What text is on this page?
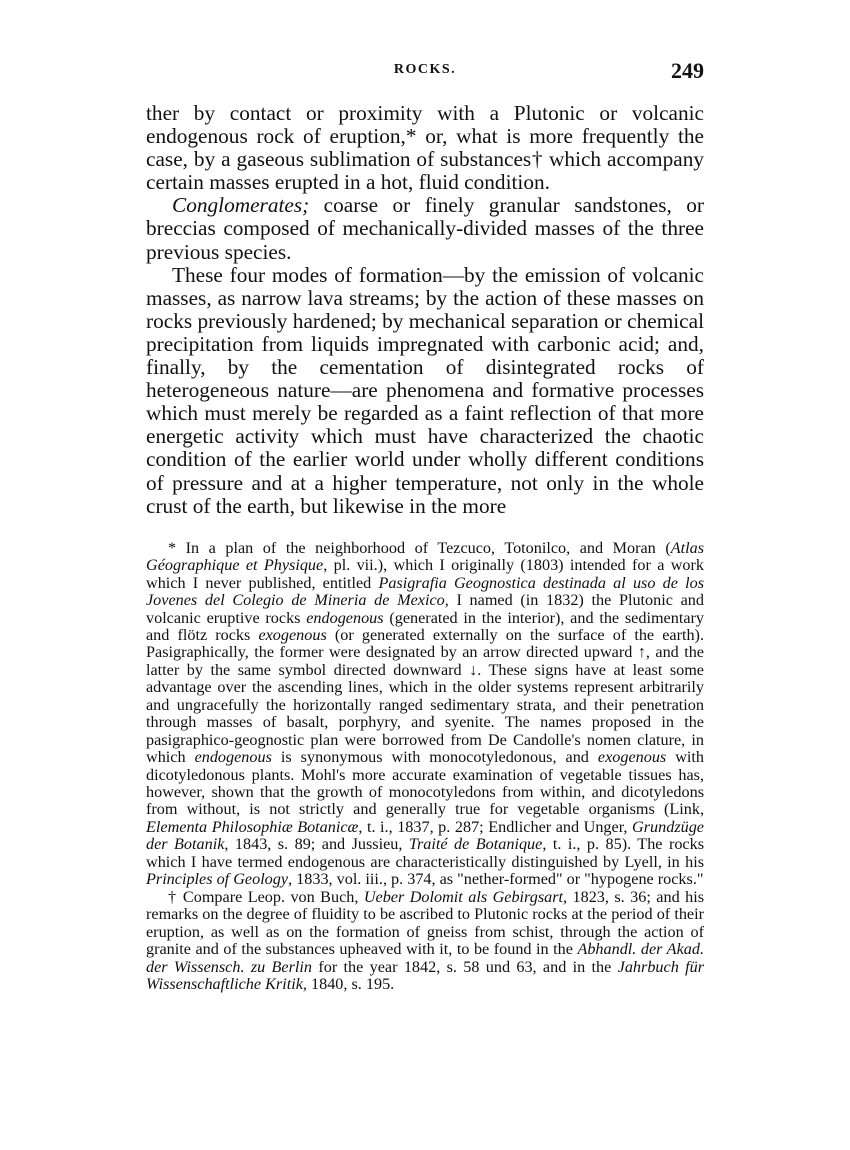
ROCKS.	249

ther by contact or proximity with a Plutonic or volcanic endogenous rock of eruption,* or, what is more frequently the case, by a gaseous sublimation of substances† which accompany certain masses erupted in a hot, fluid condition.

Conglomerates; coarse or finely granular sandstones, or breccias composed of mechanically-divided masses of the three previous species.

These four modes of formation—by the emission of volcanic masses, as narrow lava streams; by the action of these masses on rocks previously hardened; by mechanical separation or chemical precipitation from liquids impregnated with carbonic acid; and, finally, by the cementation of disintegrated rocks of heterogeneous nature—are phenomena and formative processes which must merely be regarded as a faint reflection of that more energetic activity which must have characterized the chaotic condition of the earlier world under wholly different conditions of pressure and at a higher temperature, not only in the whole crust of the earth, but likewise in the more

* In a plan of the neighborhood of Tezcuco, Totonilco, and Moran (Atlas Géographique et Physique, pl. vii.), which I originally (1803) intended for a work which I never published, entitled Pasigrafia Geognostica destinada al uso de los Jovenes del Colegio de Mineria de Mexico, I named (in 1832) the Plutonic and volcanic eruptive rocks endogenous (generated in the interior), and the sedimentary and flötz rocks exogenous (or generated externally on the surface of the earth). Pasigraphically, the former were designated by an arrow directed upward ↑, and the latter by the same symbol directed downward ↓. These signs have at least some advantage over the ascending lines, which in the older systems represent arbitrarily and ungracefully the horizontally ranged sedimentary strata, and their penetration through masses of basalt, porphyry, and syenite. The names proposed in the pasigraphico-geognostic plan were borrowed from De Candolle's nomen clature, in which endogenous is synonymous with monocotyledonous, and exogenous with dicotyledonous plants. Mohl's more accurate examination of vegetable tissues has, however, shown that the growth of monocotyledons from within, and dicotyledons from without, is not strictly and generally true for vegetable organisms (Link, Elementa Philosophiæ Botanicæ, t. i., 1837, p. 287; Endlicher and Unger, Grundzüge der Botanik, 1843, s. 89; and Jussieu, Traité de Botanique, t. i., p. 85). The rocks which I have termed endogenous are characteristically distinguished by Lyell, in his Principles of Geology, 1833, vol. iii., p. 374, as "nether-formed" or "hypogene rocks."

† Compare Leop. von Buch, Ueber Dolomit als Gebirgsart, 1823, s. 36; and his remarks on the degree of fluidity to be ascribed to Plutonic rocks at the period of their eruption, as well as on the formation of gneiss from schist, through the action of granite and of the substances upheaved with it, to be found in the Abhandl. der Akad. der Wissensch. zu Berlin for the year 1842, s. 58 und 63, and in the Jahrbuch für Wissenschaftliche Kritik, 1840, s. 195.
